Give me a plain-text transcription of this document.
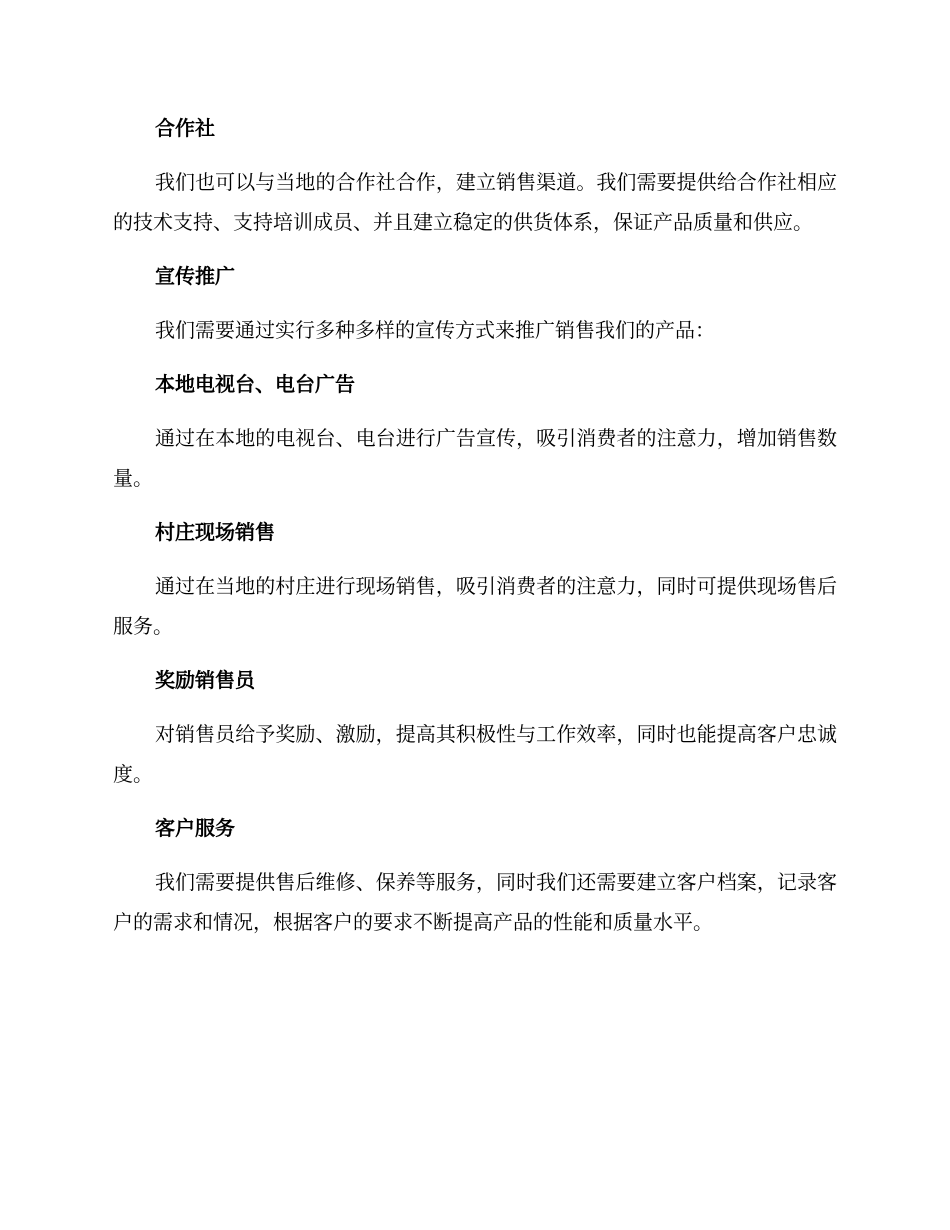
合作社

我们也可以与当地的合作社合作，建立销售渠道。我们需要提供给合作社相应的技术支持、支持培训成员、并且建立稳定的供货体系，保证产品质量和供应。

宣传推广

我们需要通过实行多种多样的宣传方式来推广销售我们的产品：

本地电视台、电台广告

通过在本地的电视台、电台进行广告宣传，吸引消费者的注意力，增加销售数量。

村庄现场销售

通过在当地的村庄进行现场销售，吸引消费者的注意力，同时可提供现场售后服务。

奖励销售员

对销售员给予奖励、激励，提高其积极性与工作效率，同时也能提高客户忠诚度。

客户服务

我们需要提供售后维修、保养等服务，同时我们还需要建立客户档案，记录客户的需求和情况，根据客户的要求不断提高产品的性能和质量水平。
